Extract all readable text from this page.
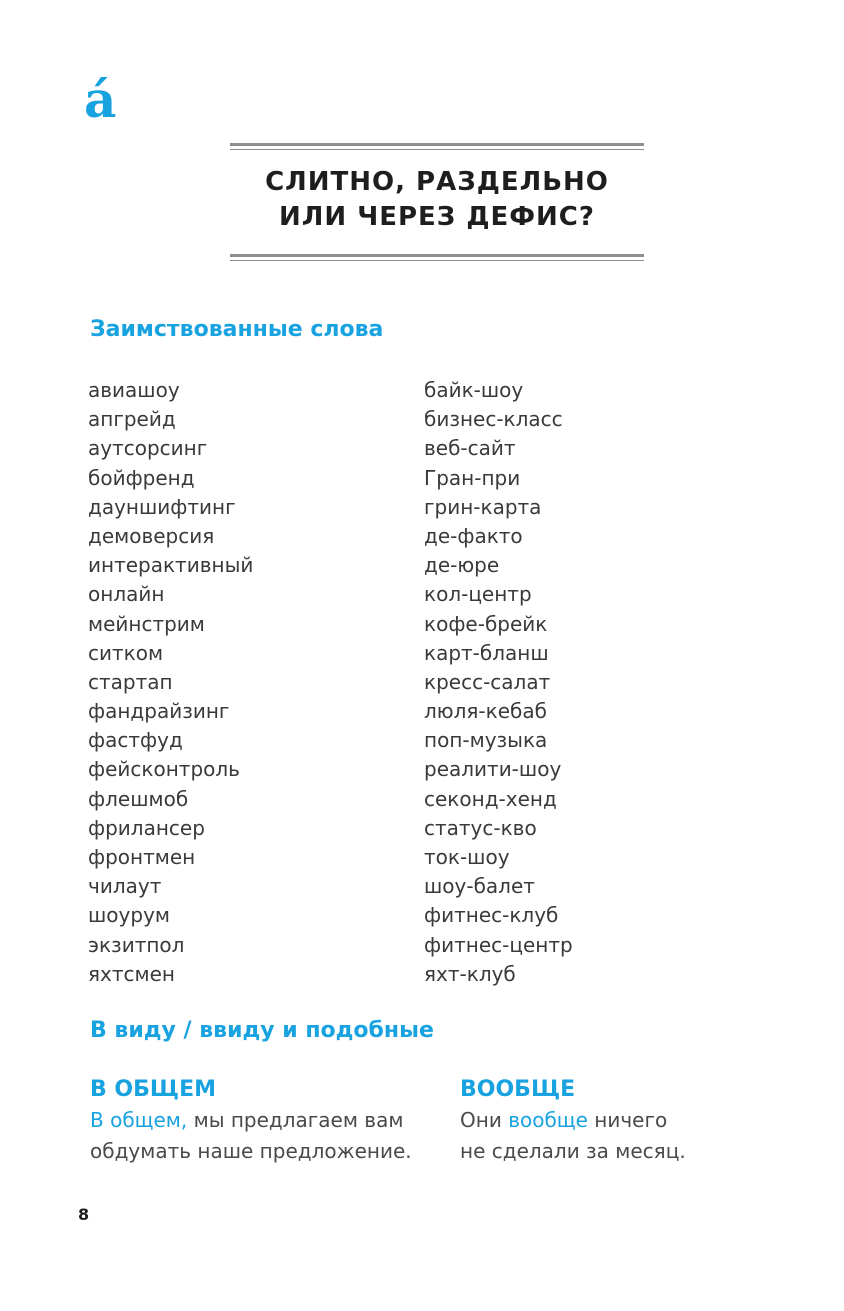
á
СЛИТНО, РАЗДЕЛЬНО
ИЛИ ЧЕРЕЗ ДЕФИС?
Заимствованные слова
авиашоу
апгрейд
аутсорсинг
бойфренд
дауншифтинг
демоверсия
интерактивный
онлайн
мейнстрим
ситком
стартап
фандрайзинг
фастфуд
фейсконтроль
флешмоб
фрилансер
фронтмен
чилаут
шоурум
экзитпол
яхтсмен
байк-шоу
бизнес-класс
веб-сайт
Гран-при
грин-карта
де-факто
де-юре
кол-центр
кофе-брейк
карт-бланш
кресс-салат
люля-кебаб
поп-музыка
реалити-шоу
секонд-хенд
статус-кво
ток-шоу
шоу-балет
фитнес-клуб
фитнес-центр
яхт-клуб
В виду / ввиду и подобные
В ОБЩЕМ
В общем, мы предлагаем вам
обдумать наше предложение.
ВООБЩЕ
Они вообще ничего
не сделали за месяц.
8
